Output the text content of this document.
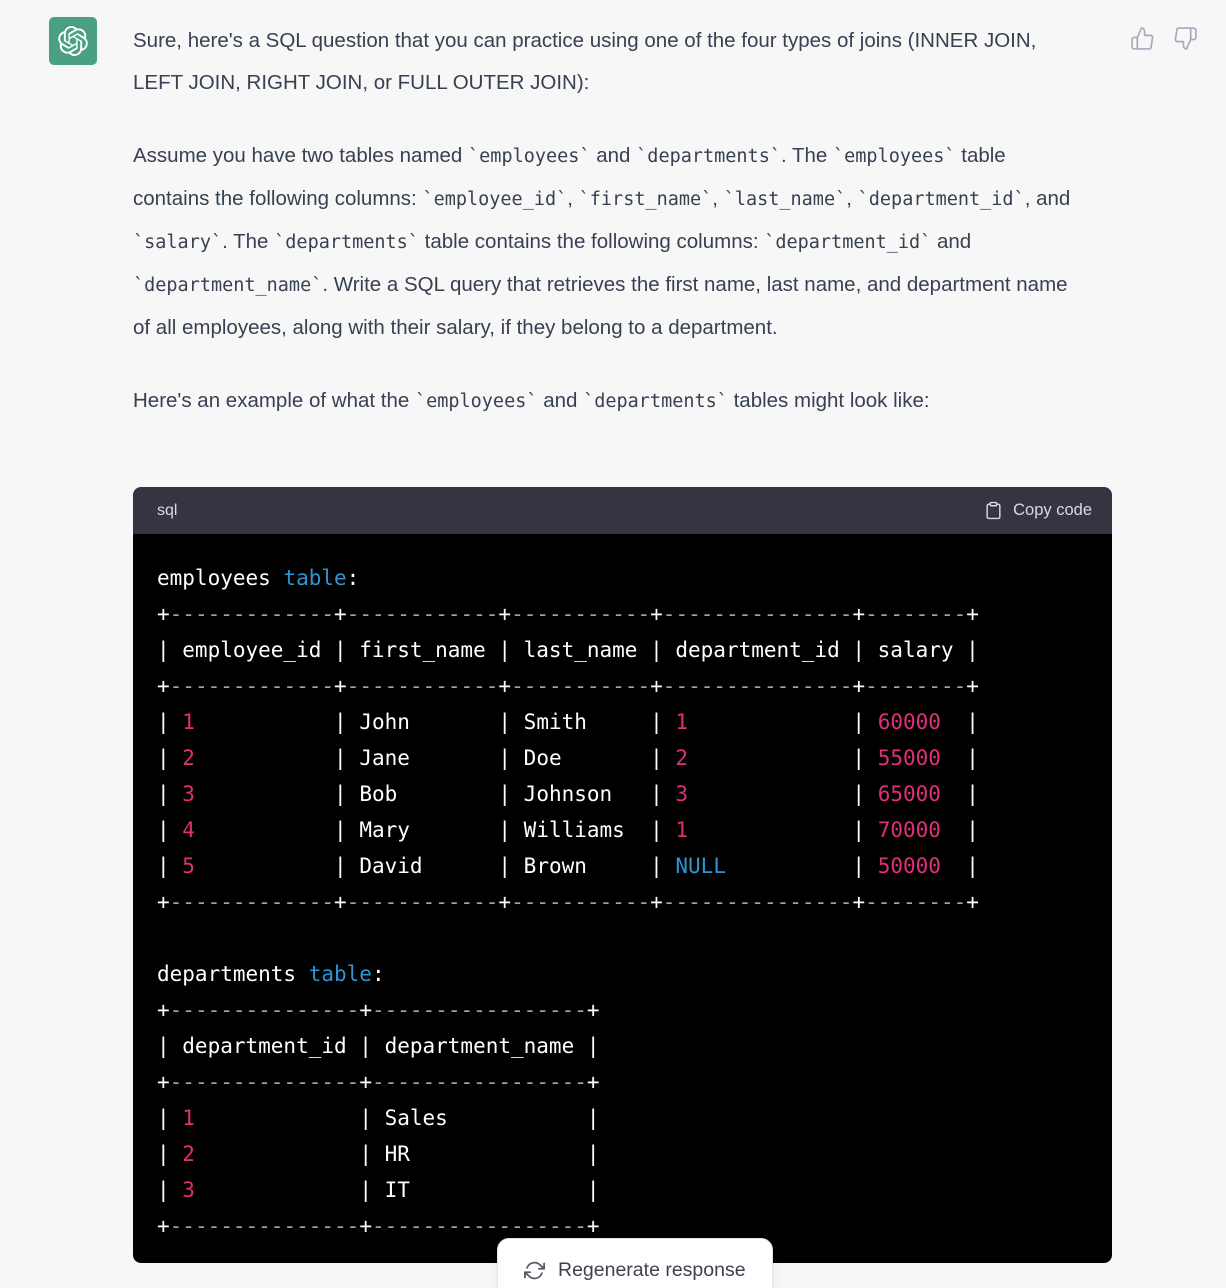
Sure, here's a SQL question that you can practice using one of the four types of joins (INNER JOIN, LEFT JOIN, RIGHT JOIN, or FULL OUTER JOIN):

Assume you have two tables named `employees` and `departments`. The `employees` table contains the following columns: `employee_id`, `first_name`, `last_name`, `department_id`, and `salary`. The `departments` table contains the following columns: `department_id` and `department_name`. Write a SQL query that retrieves the first name, last name, and department name of all employees, along with their salary, if they belong to a department.

Here's an example of what the `employees` and `departments` tables might look like:

sql	Copy code
employees table:
+-------------+------------+-----------+---------------+--------+
| employee_id | first_name | last_name | department_id | salary |
+-------------+------------+-----------+---------------+--------+
| 1           | John       | Smith     | 1             | 60000  |
| 2           | Jane       | Doe       | 2             | 55000  |
| 3           | Bob        | Johnson   | 3             | 65000  |
| 4           | Mary       | Williams  | 1             | 70000  |
| 5           | David      | Brown     | NULL          | 50000  |
+-------------+------------+-----------+---------------+--------+

departments table:
+---------------+-----------------+
| department_id | department_name |
+---------------+-----------------+
| 1             | Sales           |
| 2             | HR              |
| 3             | IT              |
+---------------+-----------------+
Regenerate response
